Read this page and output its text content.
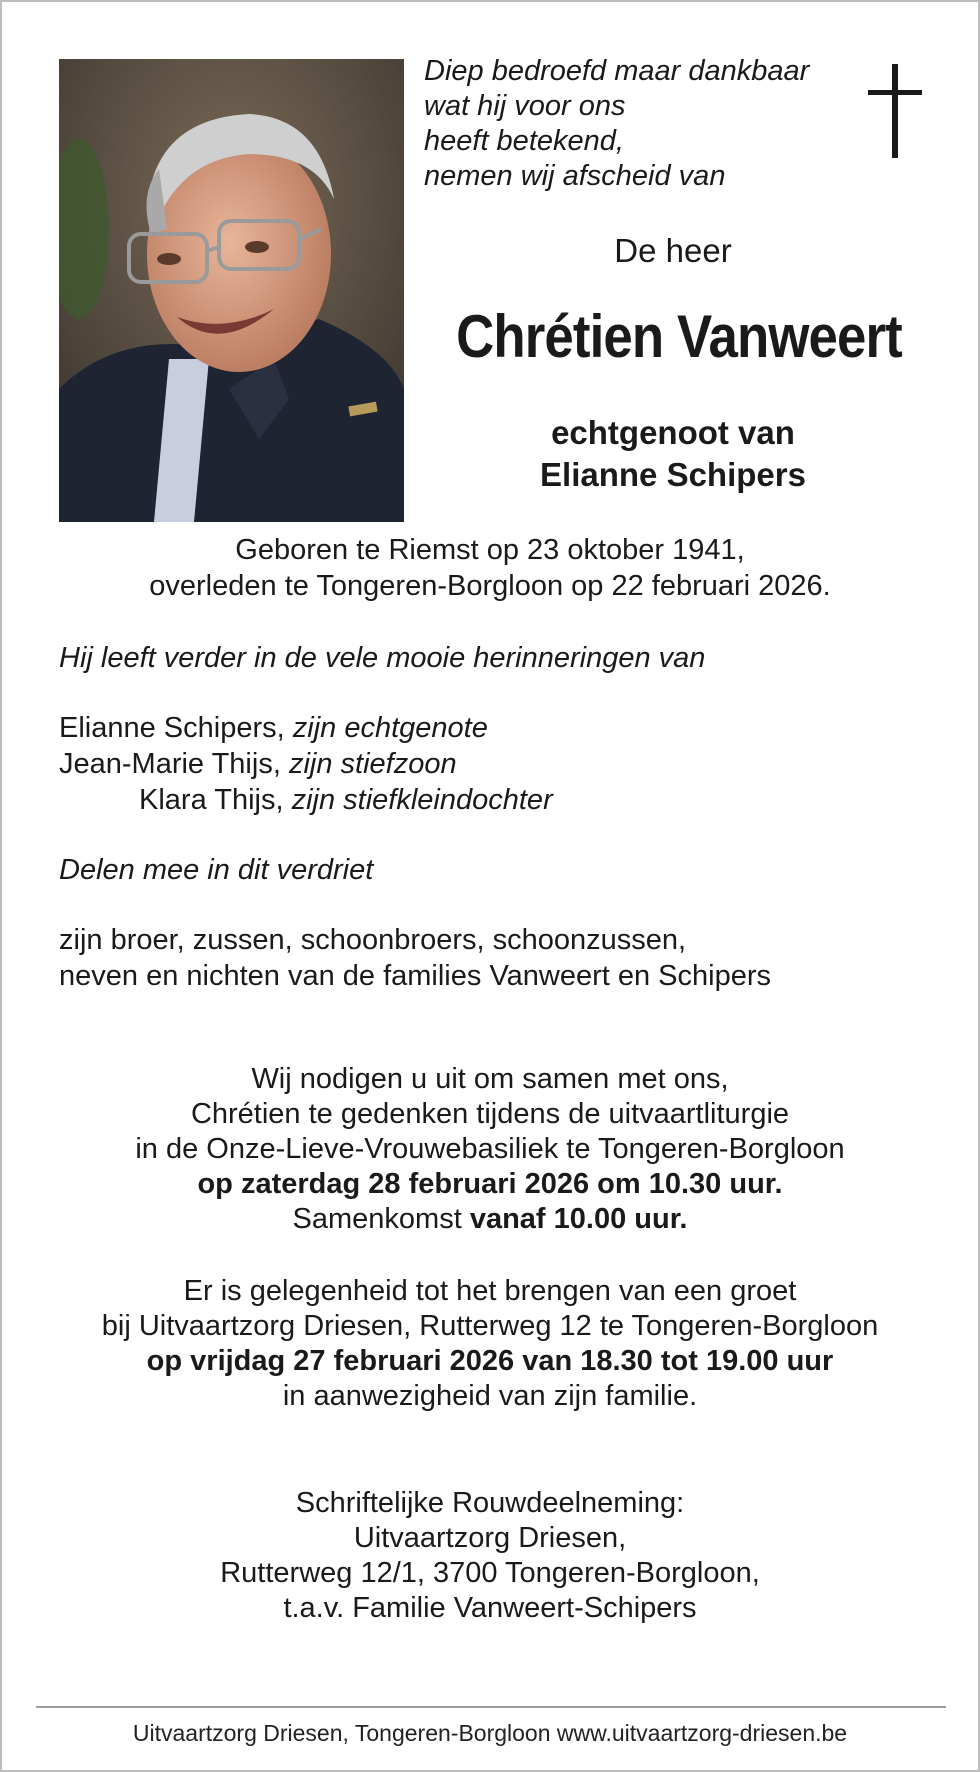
Diep bedroefd maar dankbaar
wat hij voor ons
heeft betekend,
nemen wij afscheid van
De heer
Chrétien Vanweert
echtgenoot van
Elianne Schipers
Geboren te Riemst op 23 oktober 1941,
overleden te Tongeren-Borgloon op 22 februari 2026.
Hij leeft verder in de vele mooie herinneringen van
Elianne Schipers, zijn echtgenote
Jean-Marie Thijs, zijn stiefzoon
Klara Thijs, zijn stiefkleindochter
Delen mee in dit verdriet
zijn broer, zussen, schoonbroers, schoonzussen,
neven en nichten van de families Vanweert en Schipers
Wij nodigen u uit om samen met ons,
Chrétien te gedenken tijdens de uitvaartliturgie
in de Onze-Lieve-Vrouwebasiliek te Tongeren-Borgloon
op zaterdag 28 februari 2026 om 10.30 uur.
Samenkomst vanaf 10.00 uur.
Er is gelegenheid tot het brengen van een groet
bij Uitvaartzorg Driesen, Rutterweg 12 te Tongeren-Borgloon
op vrijdag 27 februari 2026 van 18.30 tot 19.00 uur
in aanwezigheid van zijn familie.
Schriftelijke Rouwdeelneming:
Uitvaartzorg Driesen,
Rutterweg 12/1, 3700 Tongeren-Borgloon,
t.a.v. Familie Vanweert-Schipers
Uitvaartzorg Driesen, Tongeren-Borgloon www.uitvaartzorg-driesen.be
